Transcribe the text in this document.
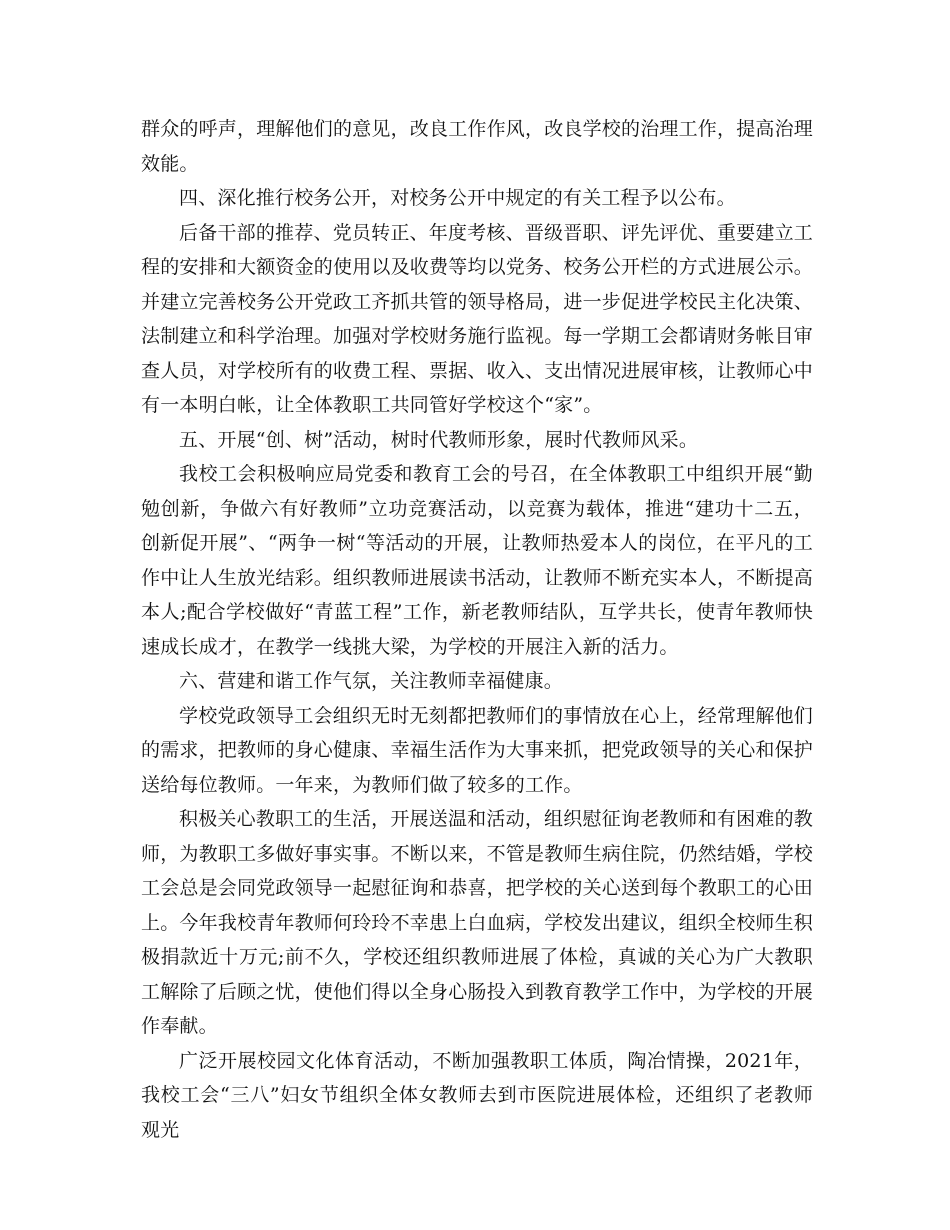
群众的呼声，理解他们的意见，改良工作作风，改良学校的治理工作，提高治理效能。

四、深化推行校务公开，对校务公开中规定的有关工程予以公布。

后备干部的推荐、党员转正、年度考核、晋级晋职、评先评优、重要建立工程的安排和大额资金的使用以及收费等均以党务、校务公开栏的方式进展公示。并建立完善校务公开党政工齐抓共管的领导格局，进一步促进学校民主化决策、法制建立和科学治理。加强对学校财务施行监视。每一学期工会都请财务帐目审查人员，对学校所有的收费工程、票据、收入、支出情况进展审核，让教师心中有一本明白帐，让全体教职工共同管好学校这个“家”。

五、开展“创、树”活动，树时代教师形象，展时代教师风采。

我校工会积极响应局党委和教育工会的号召，在全体教职工中组织开展“勤勉创新，争做六有好教师”立功竞赛活动，以竞赛为载体，推进“建功十二五，创新促开展”、“两争一树“等活动的开展，让教师热爱本人的岗位，在平凡的工作中让人生放光结彩。组织教师进展读书活动，让教师不断充实本人，不断提高本人;配合学校做好“青蓝工程”工作，新老教师结队，互学共长，使青年教师快速成长成才，在教学一线挑大梁，为学校的开展注入新的活力。

六、营建和谐工作气氛，关注教师幸福健康。

学校党政领导工会组织无时无刻都把教师们的事情放在心上，经常理解他们的需求，把教师的身心健康、幸福生活作为大事来抓，把党政领导的关心和保护送给每位教师。一年来，为教师们做了较多的工作。

积极关心教职工的生活，开展送温和活动，组织慰征询老教师和有困难的教师，为教职工多做好事实事。不断以来，不管是教师生病住院，仍然结婚，学校工会总是会同党政领导一起慰征询和恭喜，把学校的关心送到每个教职工的心田上。今年我校青年教师何玲玲不幸患上白血病，学校发出建议，组织全校师生积极捐款近十万元;前不久，学校还组织教师进展了体检，真诚的关心为广大教职工解除了后顾之忧，使他们得以全身心肠投入到教育教学工作中，为学校的开展作奉献。

广泛开展校园文化体育活动，不断加强教职工体质，陶冶情操，2021年，我校工会“三八”妇女节组织全体女教师去到市医院进展体检，还组织了老教师观光
